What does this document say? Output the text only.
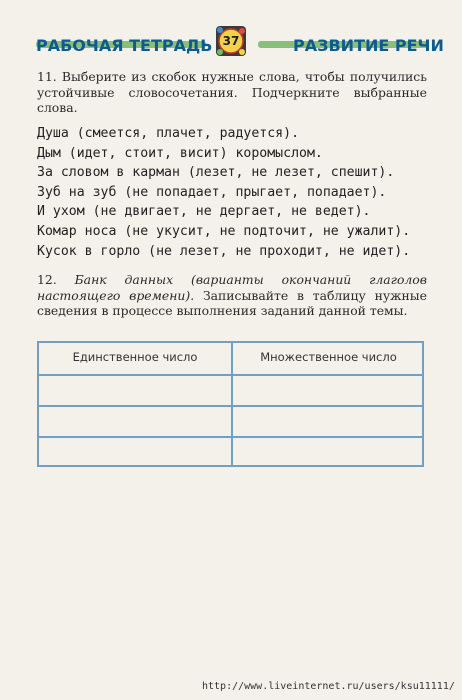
РАБОЧАЯ ТЕТРАДЬ	РАЗВИТИЕ РЕЧИ
37
11. Выберите из скобок нужные слова, чтобы получились устойчивые словосочетания. Подчеркните выбранные слова.
Душа (смеется, плачет, радуется).
Дым (идет, стоит, висит) коромыслом.
За словом в карман (лезет, не лезет, спешит).
Зуб на зуб (не попадает, прыгает, попадает).
И ухом (не двигает, не дергает, не ведет).
Комар носа (не укусит, не подточит, не ужалит).
Кусок в горло (не лезет, не проходит, не идет).
12. Банк данных (варианты окончаний глаголов настоящего времени). Записывайте в таблицу нужные сведения в процессе выполнения заданий данной темы.
Единственное число	Множественное число
http://www.liveinternet.ru/users/ksu11111/
